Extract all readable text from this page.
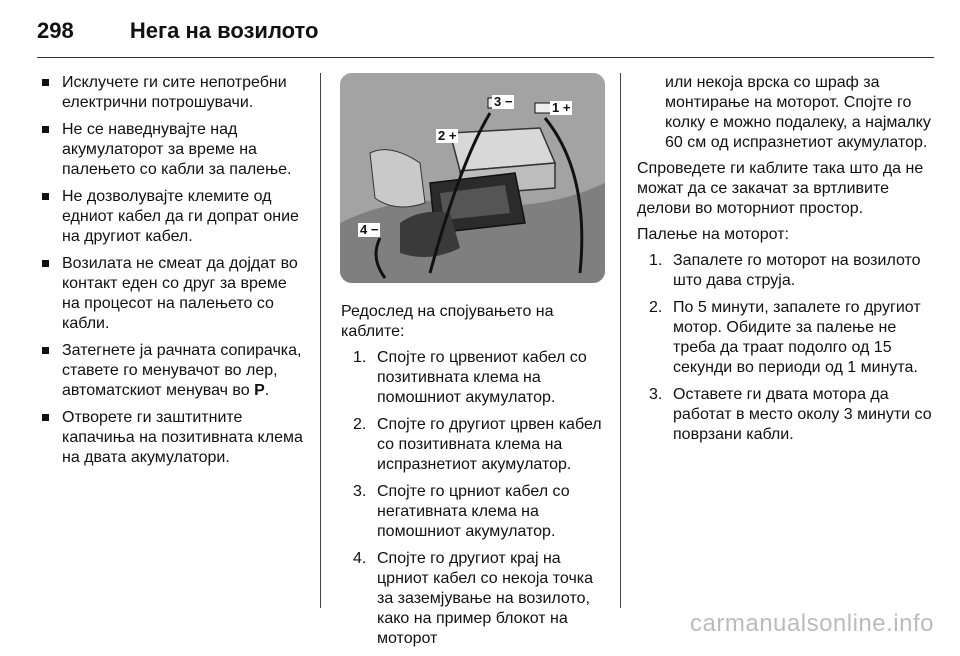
298	Нега на возилото
Исклучете ги сите непотребни електрични потрошувачи.
Не се наведнувајте над акумулаторот за време на палењето со кабли за палење.
Не дозволувајте клемите од едниот кабел да ги допрат оние на другиот кабел.
Возилата не смеат да дојдат во контакт еден со друг за време на процесот на палењето со кабли.
Затегнете ја рачната сопирачка, ставете го менувачот во лер, автоматскиот менувач во P.
Отворете ги заштитните капачиња на позитивната клема на двата акумулатори.
1 +
2 +
3 −
4 −
Редослед на спојувањето на каблите:
1. Спојте го црвениот кабел со позитивната клема на помошниот акумулатор.
2. Спојте го другиот црвен кабел со позитивната клема на испразнетиот акумулатор.
3. Спојте го црниот кабел со негативната клема на помошниот акумулатор.
4. Спојте го другиот крај на црниот кабел со некоја точка за заземјување на возилото, како на пример блокот на моторот
или некоја врска со шраф за монтирање на моторот. Спојте го колку е можно подалеку, а најмалку 60 см од испразнетиот акумулатор.
Спроведете ги каблите така што да не можат да се закачат за вртливите делови во моторниот простор.
Палење на моторот:
1. Запалете го моторот на возилото што дава струја.
2. По 5 минути, запалете го другиот мотор. Обидите за палење не треба да траат подолго од 15 секунди во периоди од 1 минута.
3. Оставете ги двата мотора да работат в место околу 3 минути со поврзани кабли.
carmanualsonline.info
